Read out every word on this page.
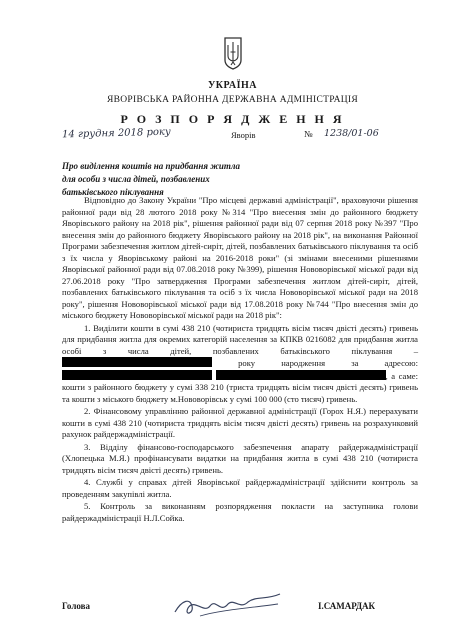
УКРАЇНА
ЯВОРІВСЬКА РАЙОННА ДЕРЖАВНА АДМІНІСТРАЦІЯ
Р О З П О Р Я Д Ж Е Н Н Я
14 грудня 2018 року	Яворів	№ 1238/01-06
Про виділення коштів на придбання житла
для особи з числа дітей, позбавлених
батьківського піклування

Відповідно до Закону України "Про місцеві державні адміністрації", враховуючи рішення районної ради від 28 лютого 2018 року №314 "Про внесення змін до районного бюджету Яворівського району на 2018 рік", рішення районної ради від 07 серпня 2018 року №397 "Про внесення змін до районного бюджету Яворівського району на 2018 рік", на виконання Районної Програми забезпечення житлом дітей-сиріт, дітей, позбавлених батьківського піклування та осіб з їх числа у Яворівському районі на 2016-2018 роки" (зі змінами внесеними рішеннями Яворівської районної ради від 07.08.2018 року №399), рішення Нововорівської міської ради від 27.06.2018 року "Про затвердження Програми забезпечення житлом дітей-сиріт, дітей, позбавлених батьківського піклування та осіб з їх числа Нововорівської міської ради на 2018 року", рішення Нововорівської міської ради від 17.08.2018 року №744 "Про внесення змін до міського бюджету Нововорівської міської ради на 2018 рік":

1. Виділити кошти в сумі 438 210 (чотириста тридцять вісім тисяч двісті десять) гривень для придбання житла для окремих категорій населення за КПКВ 0216082 для придбання житла особі з числа дітей, позбавлених батьківського піклування –  року народження за адресою:  , а саме: кошти з районного бюджету у сумі 338 210 (триста тридцять вісім тисяч двісті десять) гривень та кошти з міського бюджету м.Нововорівськ у сумі 100 000 (сто тисяч) гривень.

2. Фінансовому управлінню районної державної адміністрації (Горох Н.Я.) перерахувати кошти в сумі 438 210 (чотириста тридцять вісім тисяч двісті десять) гривень на розрахунковий рахунок райдержадміністрації.

3. Відділу фінансово-господарського забезпечення апарату райдержадміністрації (Хлопецька М.Я.) профінансувати видатки на придбання житла в сумі 438 210 (чотириста тридцять вісім тисяч двісті десять) гривень.

4. Службі у справах дітей Яворівської райдержадміністрації здійснити контроль за проведенням закупівлі житла.

5. Контроль за виконанням розпорядження покласти на заступника голови райдержадміністрації Н.Л.Сойка.

Голова	І.САМАРДАК
